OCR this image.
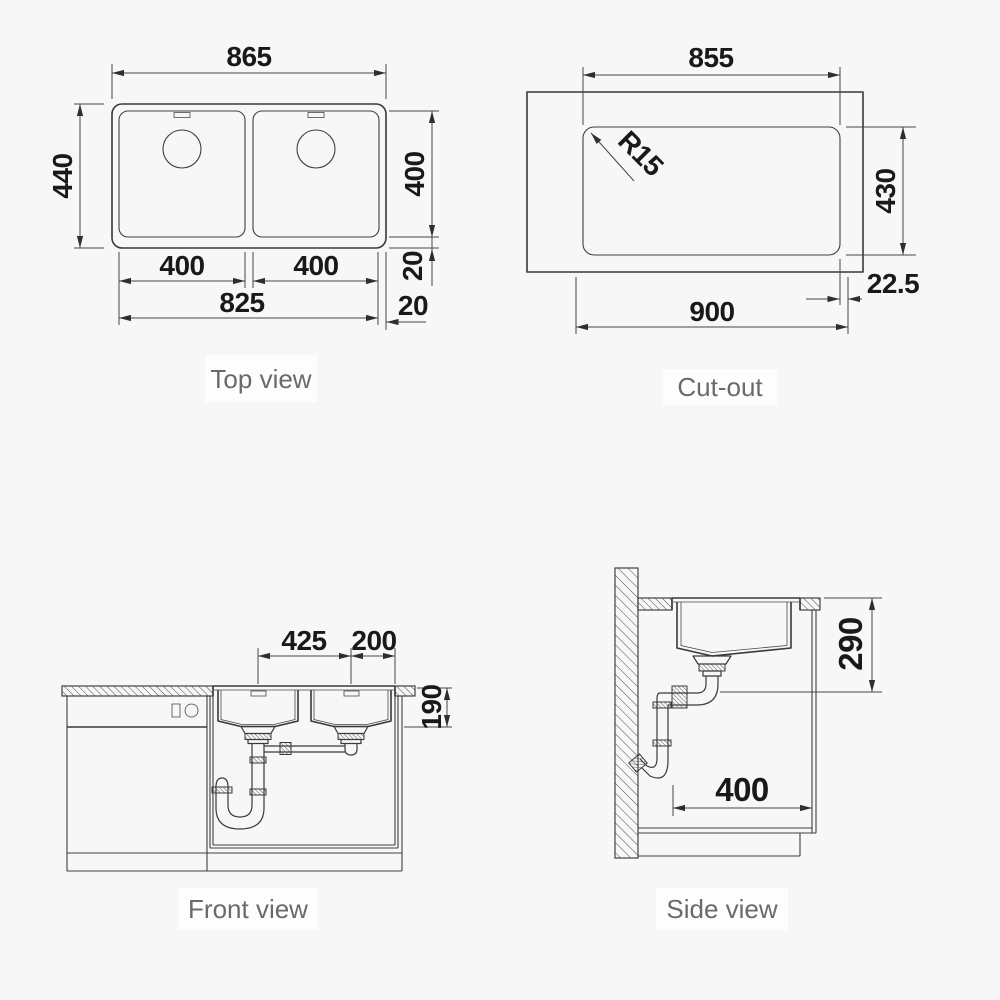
865
440	400
20
400	400
825	20
Top view
855
430
900
22.5
R15
Cut-out
425 200
190
Front view
290
400
Side view
